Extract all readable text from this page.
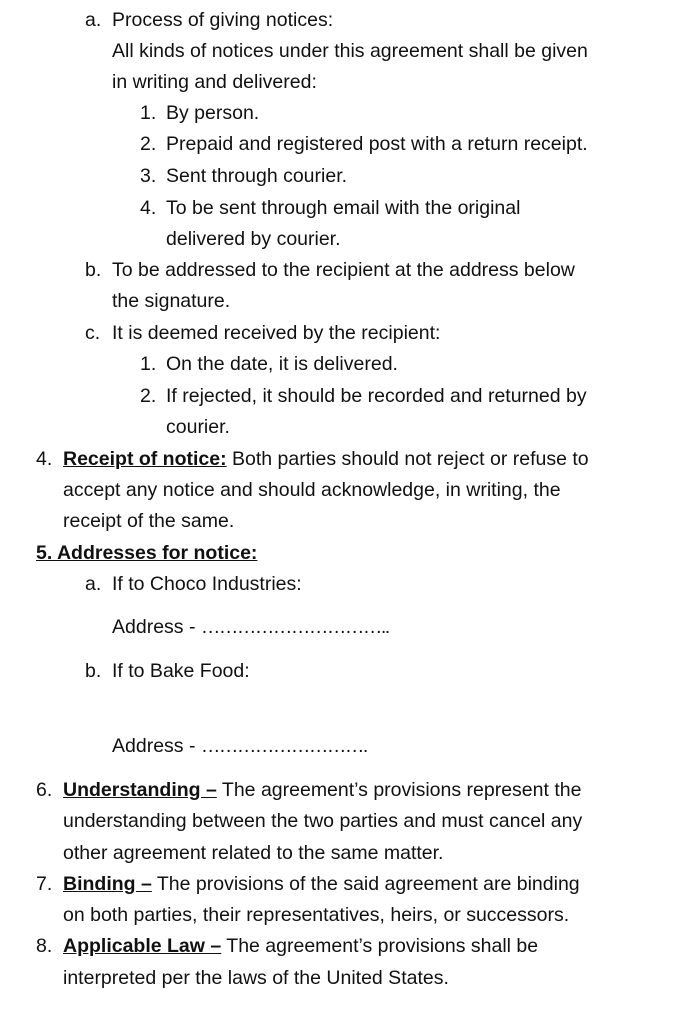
a. Process of giving notices:
All kinds of notices under this agreement shall be given
in writing and delivered:
1. By person.
2. Prepaid and registered post with a return receipt.
3. Sent through courier.
4. To be sent through email with the original
delivered by courier.
b. To be addressed to the recipient at the address below
the signature.
c. It is deemed received by the recipient:
1. On the date, it is delivered.
2. If rejected, it should be recorded and returned by
courier.
4. Receipt of notice: Both parties should not reject or refuse to
accept any notice and should acknowledge, in writing, the
receipt of the same.
5. Addresses for notice:
a. If to Choco Industries:
Address - …………………………..
b. If to Bake Food:
Address - ……………………….
6. Understanding – The agreement’s provisions represent the
understanding between the two parties and must cancel any
other agreement related to the same matter.
7. Binding – The provisions of the said agreement are binding
on both parties, their representatives, heirs, or successors.
8. Applicable Law – The agreement’s provisions shall be
interpreted per the laws of the United States.
